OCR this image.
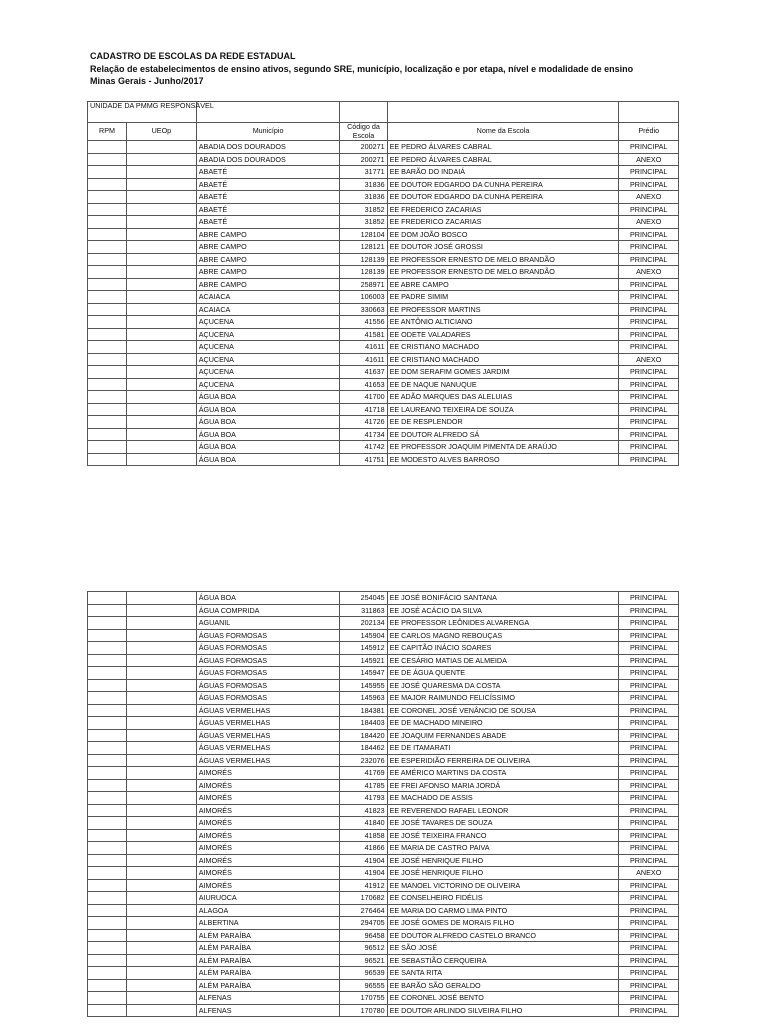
CADASTRO DE ESCOLAS DA REDE ESTADUAL
Relação de estabelecimentos de ensino ativos, segundo SRE, município, localização e por etapa, nível e modalidade de ensino
Minas Gerais - Junho/2017
UNIDADE DA PMMG RESPONSÁVEL					
RPM	UEOp	Município	Código da Escola	Nome da Escola	Prédio
		ABADIA DOS DOURADOS	200271	EE PEDRO ÁLVARES CABRAL	PRINCIPAL
		ABADIA DOS DOURADOS	200271	EE PEDRO ÁLVARES CABRAL	ANEXO
		ABAETÉ	31771	EE BARÃO DO INDAIÁ	PRINCIPAL
		ABAETÉ	31836	EE DOUTOR EDGARDO DA CUNHA PEREIRA	PRINCIPAL
		ABAETÉ	31836	EE DOUTOR EDGARDO DA CUNHA PEREIRA	ANEXO
		ABAETÉ	31852	EE FREDERICO ZACARIAS	PRINCIPAL
		ABAETÉ	31852	EE FREDERICO ZACARIAS	ANEXO
		ABRE CAMPO	128104	EE DOM JOÃO BOSCO	PRINCIPAL
		ABRE CAMPO	128121	EE DOUTOR JOSÉ GROSSI	PRINCIPAL
		ABRE CAMPO	128139	EE PROFESSOR ERNESTO DE MELO BRANDÃO	PRINCIPAL
		ABRE CAMPO	128139	EE PROFESSOR ERNESTO DE MELO BRANDÃO	ANEXO
		ABRE CAMPO	258971	EE ABRE CAMPO	PRINCIPAL
		ACAIACA	106003	EE PADRE SIMIM	PRINCIPAL
		ACAIACA	330663	EE PROFESSOR MARTINS	PRINCIPAL
		AÇUCENA	41556	EE ANTÔNIO ALTICIANO	PRINCIPAL
		AÇUCENA	41581	EE ODETE VALADARES	PRINCIPAL
		AÇUCENA	41611	EE CRISTIANO MACHADO	PRINCIPAL
		AÇUCENA	41611	EE CRISTIANO MACHADO	ANEXO
		AÇUCENA	41637	EE DOM SERAFIM GOMES JARDIM	PRINCIPAL
		AÇUCENA	41653	EE DE NAQUE NANUQUE	PRINCIPAL
		ÁGUA BOA	41700	EE ADÃO MARQUES DAS ALELUIAS	PRINCIPAL
		ÁGUA BOA	41718	EE LAUREANO TEIXEIRA DE SOUZA	PRINCIPAL
		ÁGUA BOA	41726	EE DE RESPLENDOR	PRINCIPAL
		ÁGUA BOA	41734	EE DOUTOR ALFREDO SÁ	PRINCIPAL
		ÁGUA BOA	41742	EE PROFESSOR JOAQUIM PIMENTA DE ARAÚJO	PRINCIPAL
		ÁGUA BOA	41751	EE MODESTO ALVES BARROSO	PRINCIPAL
		ÁGUA BOA	254045	EE JOSÉ BONIFÁCIO SANTANA	PRINCIPAL
		ÁGUA COMPRIDA	311863	EE JOSÉ ACÁCIO DA SILVA	PRINCIPAL
		AGUANIL	202134	EE PROFESSOR LEÔNIDES ALVARENGA	PRINCIPAL
		ÁGUAS FORMOSAS	145904	EE CARLOS MAGNO REBOUÇAS	PRINCIPAL
		ÁGUAS FORMOSAS	145912	EE CAPITÃO INÁCIO SOARES	PRINCIPAL
		ÁGUAS FORMOSAS	145921	EE CESÁRIO MATIAS DE ALMEIDA	PRINCIPAL
		ÁGUAS FORMOSAS	145947	EE DE ÁGUA QUENTE	PRINCIPAL
		ÁGUAS FORMOSAS	145955	EE JOSÉ QUARESMA DA COSTA	PRINCIPAL
		ÁGUAS FORMOSAS	145963	EE MAJOR RAIMUNDO FELICÍSSIMO	PRINCIPAL
		ÁGUAS VERMELHAS	184381	EE CORONEL JOSÉ VENÂNCIO DE SOUSA	PRINCIPAL
		ÁGUAS VERMELHAS	184403	EE DE MACHADO MINEIRO	PRINCIPAL
		ÁGUAS VERMELHAS	184420	EE JOAQUIM FERNANDES ABADE	PRINCIPAL
		ÁGUAS VERMELHAS	184462	EE DE ITAMARATI	PRINCIPAL
		ÁGUAS VERMELHAS	232076	EE ESPERIDIÃO FERREIRA DE OLIVEIRA	PRINCIPAL
		AIMORÉS	41769	EE AMÉRICO MARTINS DA COSTA	PRINCIPAL
		AIMORÉS	41785	EE FREI AFONSO MARIA JORDÁ	PRINCIPAL
		AIMORÉS	41793	EE MACHADO DE ASSIS	PRINCIPAL
		AIMORÉS	41823	EE REVERENDO RAFAEL LEONOR	PRINCIPAL
		AIMORÉS	41840	EE JOSÉ TAVARES DE SOUZA	PRINCIPAL
		AIMORÉS	41858	EE JOSÉ TEIXEIRA FRANCO	PRINCIPAL
		AIMORÉS	41866	EE MARIA DE CASTRO PAIVA	PRINCIPAL
		AIMORÉS	41904	EE JOSÉ HENRIQUE FILHO	PRINCIPAL
		AIMORÉS	41904	EE JOSÉ HENRIQUE FILHO	ANEXO
		AIMORÉS	41912	EE MANOEL VICTORINO DE OLIVEIRA	PRINCIPAL
		AIURUOCA	170682	EE CONSELHEIRO FIDÉLIS	PRINCIPAL
		ALAGOA	276464	EE MARIA DO CARMO LIMA PINTO	PRINCIPAL
		ALBERTINA	294705	EE JOSÉ GOMES DE MORAIS FILHO	PRINCIPAL
		ALÉM PARAÍBA	96458	EE DOUTOR ALFREDO CASTELO BRANCO	PRINCIPAL
		ALÉM PARAÍBA	96512	EE SÃO JOSÉ	PRINCIPAL
		ALÉM PARAÍBA	96521	EE SEBASTIÃO CERQUEIRA	PRINCIPAL
		ALÉM PARAÍBA	96539	EE SANTA RITA	PRINCIPAL
		ALÉM PARAÍBA	96555	EE BARÃO SÃO GERALDO	PRINCIPAL
		ALFENAS	170755	EE CORONEL JOSÉ BENTO	PRINCIPAL
		ALFENAS	170780	EE DOUTOR ARLINDO SILVEIRA FILHO	PRINCIPAL
